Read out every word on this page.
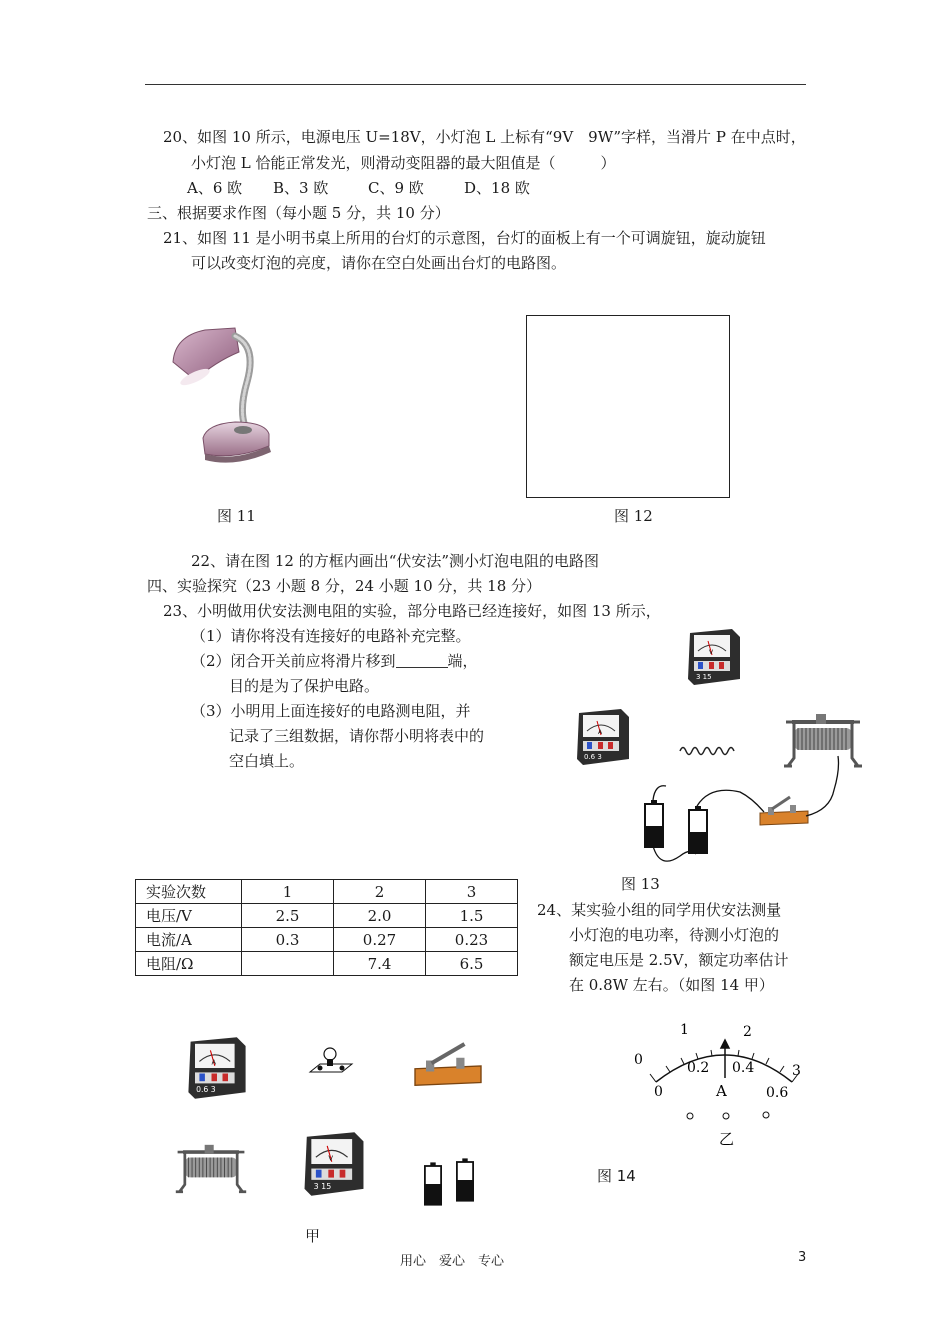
20、如图 10 所示，电源电压 U=18V，小灯泡 L 上标有“9V　9W”字样，当滑片 P 在中点时，
小灯泡 L 恰能正常发光，则滑动变阻器的最大阻值是（　　　）
A、6 欧 B、3 欧	C、9 欧	D、18 欧
三、根据要求作图（每小题 5 分，共 10 分）
21、如图 11 是小明书桌上所用的台灯的示意图，台灯的面板上有一个可调旋钮，旋动旋钮
可以改变灯泡的亮度，请你在空白处画出台灯的电路图。
图 11	图 12
22、请在图 12 的方框内画出“伏安法”测小灯泡电阻的电路图
四、实验探究（23 小题 8 分，24 小题 10 分，共 18 分）
23、小明做用伏安法测电阻的实验，部分电路已经连接好，如图 13 所示，
（1）请你将没有连接好的电路补充完整。
（2）闭合开关前应将滑片移到	端，
目的是为了保护电路。
（3）小明用上面连接好的电路测电阻，并
记录了三组数据，请你帮小明将表中的
空白填上。
V
3 15
A
0.6 3
图 13
实验次数	1	2	3
电压/V	2.5	2.0	1.5
电流/A	0.3	0.27	0.23
电阻/Ω		7.4	6.5
24、某实验小组的同学用伏安法测量
小灯泡的电功率，待测小灯泡的
额定电压是 2.5V，额定功率估计
在 0.8W 左右。（如图 14 甲）
0
1	2
3
0
0.2 0.4
0.6
A
乙
图 14
A
0.6 3
V
3 15
甲
用心　爱心　专心	3
